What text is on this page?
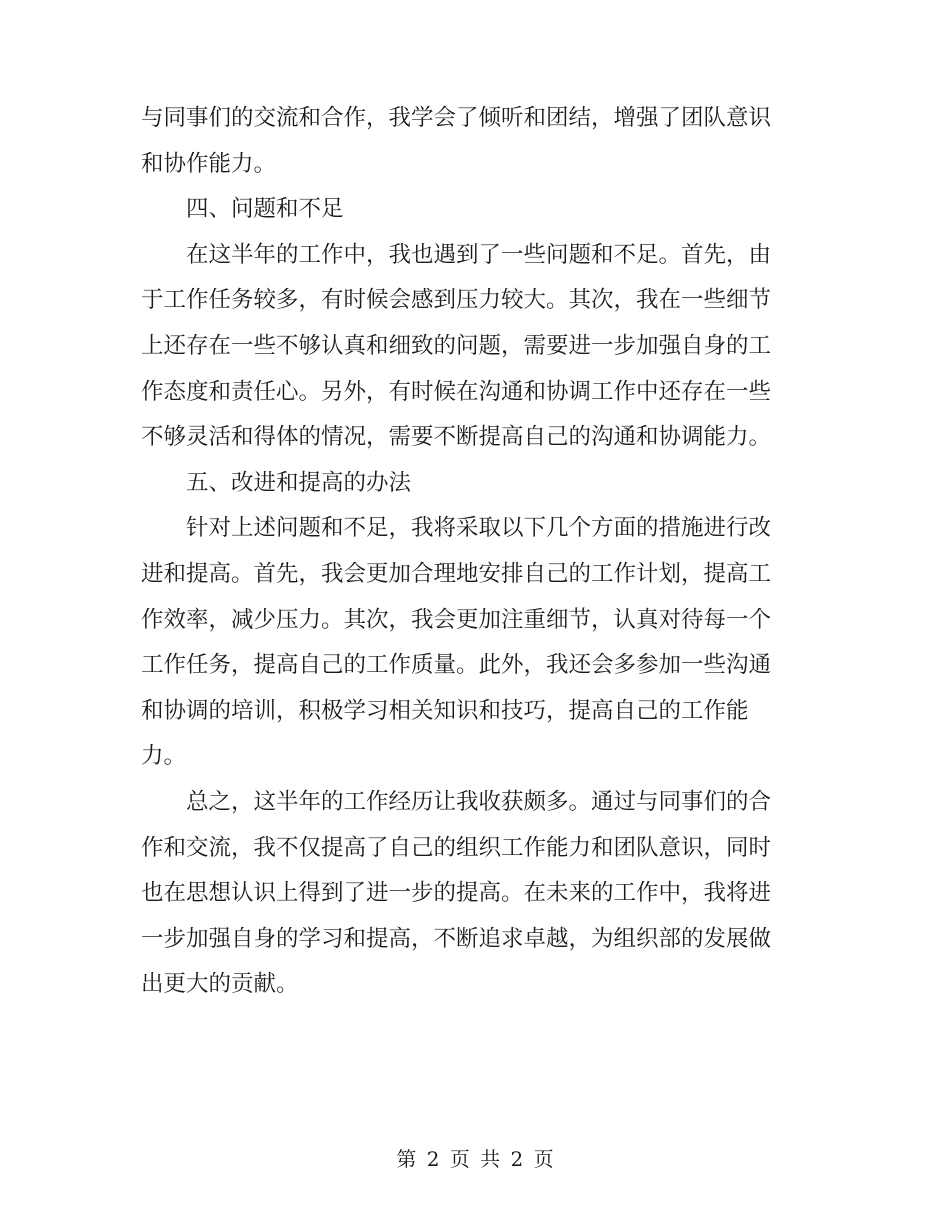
与同事们的交流和合作，我学会了倾听和团结，增强了团队意识
和协作能力。
四、问题和不足
在这半年的工作中，我也遇到了一些问题和不足。首先，由
于工作任务较多，有时候会感到压力较大。其次，我在一些细节
上还存在一些不够认真和细致的问题，需要进一步加强自身的工
作态度和责任心。另外，有时候在沟通和协调工作中还存在一些
不够灵活和得体的情况，需要不断提高自己的沟通和协调能力。
五、改进和提高的办法
针对上述问题和不足，我将采取以下几个方面的措施进行改
进和提高。首先，我会更加合理地安排自己的工作计划，提高工
作效率，减少压力。其次，我会更加注重细节，认真对待每一个
工作任务，提高自己的工作质量。此外，我还会多参加一些沟通
和协调的培训，积极学习相关知识和技巧，提高自己的工作能
力。
总之，这半年的工作经历让我收获颇多。通过与同事们的合
作和交流，我不仅提高了自己的组织工作能力和团队意识，同时
也在思想认识上得到了进一步的提高。在未来的工作中，我将进
一步加强自身的学习和提高，不断追求卓越，为组织部的发展做
出更大的贡献。
第 2 页 共 2 页
